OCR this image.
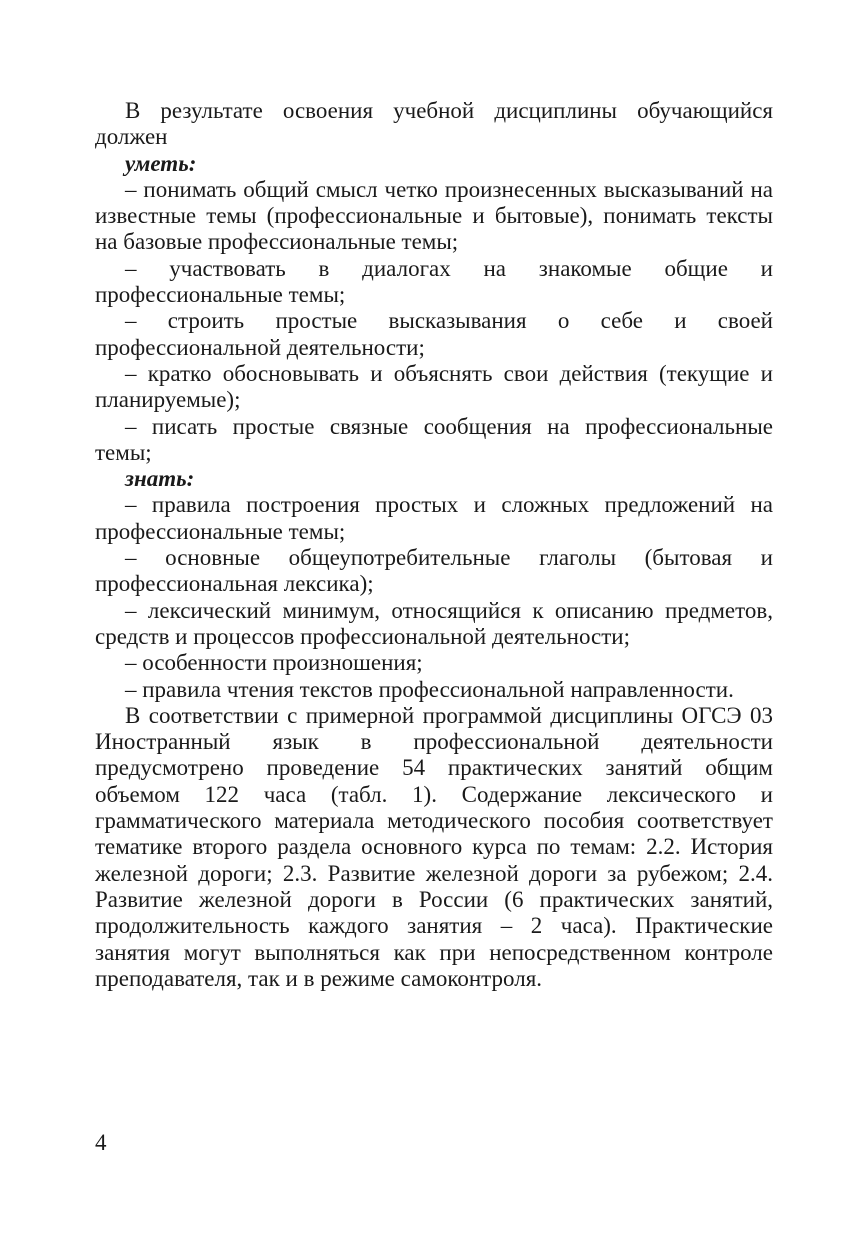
В результате освоения учебной дисциплины обучающийся должен

уметь:

– понимать общий смысл четко произнесенных высказываний на известные темы (профессиональные и бытовые), понимать тексты на базовые профессиональные темы;

– участвовать в диалогах на знакомые общие и профессиональные темы;

– строить простые высказывания о себе и своей профессиональной деятельности;

– кратко обосновывать и объяснять свои действия (текущие и планируемые);

– писать простые связные сообщения на профессиональные темы;

знать:

– правила построения простых и сложных предложений на профессиональные темы;

– основные общеупотребительные глаголы (бытовая и профессиональная лексика);

– лексический минимум, относящийся к описанию предметов, средств и процессов профессиональной деятельности;

– особенности произношения;

– правила чтения текстов профессиональной направленности.

В соответствии с примерной программой дисциплины ОГСЭ 03 Иностранный язык в профессиональной деятельности предусмотрено проведение 54 практических занятий общим объемом 122 часа (табл. 1). Содержание лексического и грамматического материала методического пособия соответствует тематике второго раздела основного курса по темам: 2.2. История железной дороги; 2.3. Развитие железной дороги за рубежом; 2.4. Развитие железной дороги в России (6 практических занятий, продолжительность каждого занятия – 2 часа). Практические занятия могут выполняться как при непосредственном контроле преподавателя, так и в режиме самоконтроля.

4
